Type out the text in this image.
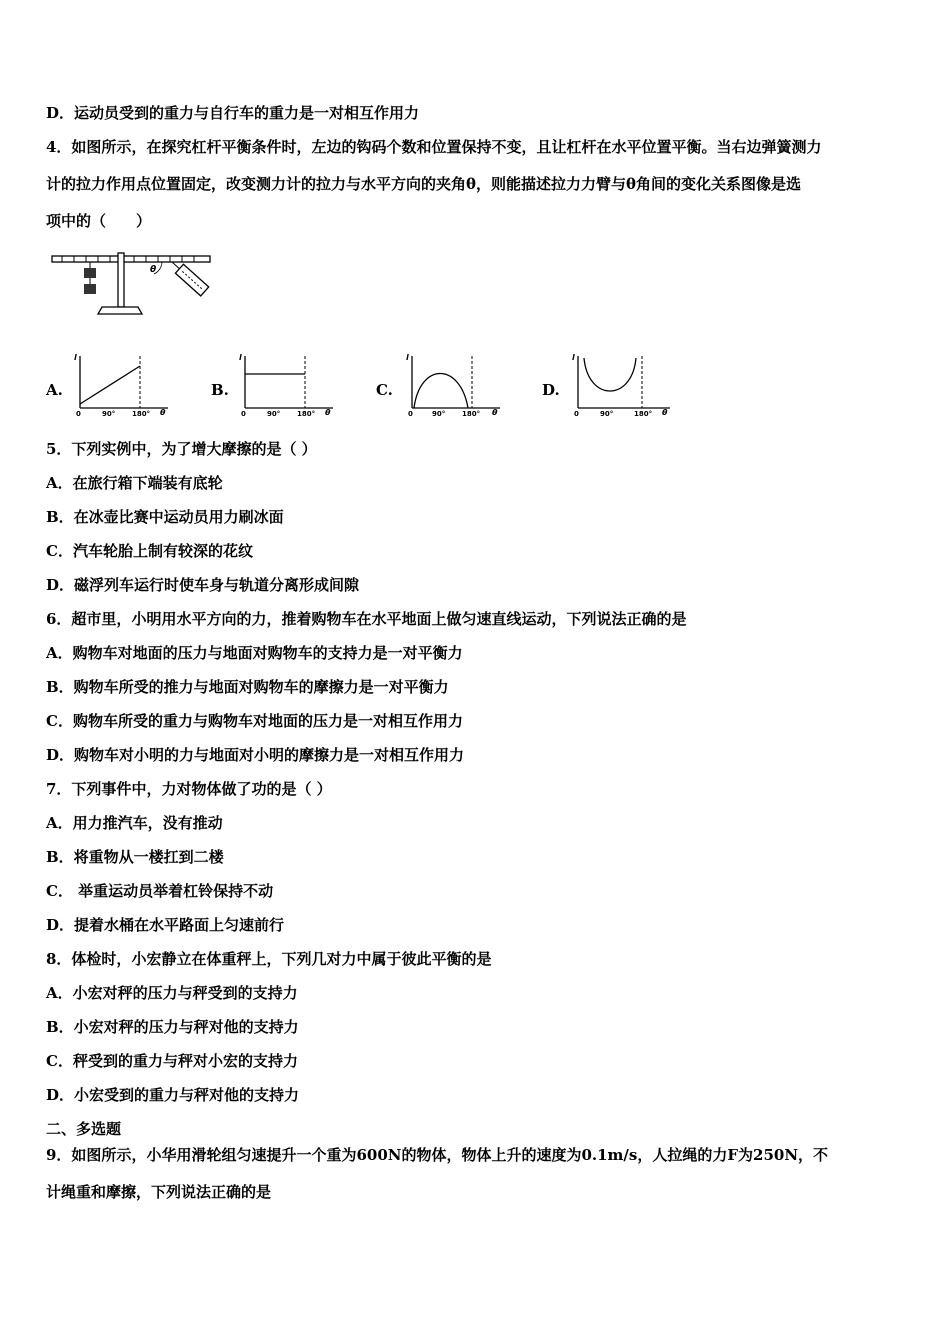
D．运动员受到的重力与自行车的重力是一对相互作用力
4．如图所示，在探究杠杆平衡条件时，左边的钩码个数和位置保持不变，且让杠杆在水平位置平衡。当右边弹簧测力
计的拉力作用点位置固定，改变测力计的拉力与水平方向的夹角θ，则能描述拉力力臂与θ角间的变化关系图像是选
项中的（　　）
θ
A.
l
0	90° 180° θ
B.
l
0	90° 180° θ
C.
l
0	90° 180° θ
D.
l
0	90°	180° θ
5．下列实例中，为了增大摩擦的是（ ）
A．在旅行箱下端装有底轮
B．在冰壶比赛中运动员用力刷冰面
C．汽车轮胎上制有较深的花纹
D．磁浮列车运行时使车身与轨道分离形成间隙
6．超市里，小明用水平方向的力，推着购物车在水平地面上做匀速直线运动，下列说法正确的是
A．购物车对地面的压力与地面对购物车的支持力是一对平衡力
B．购物车所受的推力与地面对购物车的摩擦力是一对平衡力
C．购物车所受的重力与购物车对地面的压力是一对相互作用力
D．购物车对小明的力与地面对小明的摩擦力是一对相互作用力
7．下列事件中，力对物体做了功的是（ ）
A．用力推汽车，没有推动
B．将重物从一楼扛到二楼
C． 举重运动员举着杠铃保持不动
D．提着水桶在水平路面上匀速前行
8．体检时，小宏静立在体重秤上，下列几对力中属于彼此平衡的是
A．小宏对秤的压力与秤受到的支持力
B．小宏对秤的压力与秤对他的支持力
C．秤受到的重力与秤对小宏的支持力
D．小宏受到的重力与秤对他的支持力
二、多选题
9．如图所示，小华用滑轮组匀速提升一个重为600N的物体，物体上升的速度为0.1m/s，人拉绳的力F为250N，不
计绳重和摩擦，下列说法正确的是
